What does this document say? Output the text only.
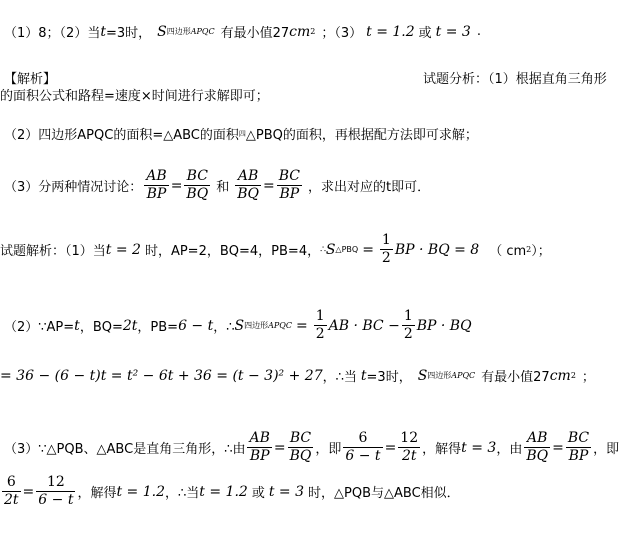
（1）8；（2）当 t =3时， S 四边形 APQC 有最小值27 cm 2 ；（3） t = 1.2 或 t = 3 .
【解析】	试题分析：（1）根据直角三角形
的面积公式和路程=速度×时间进行求解即可；
（2）四边形APQC的面积=△ABC的面积 四 △PBQ的面积，再根据配方法即可求解；
（3）分两种情况讨论： $\frac{AB}{BP} = \frac{BC}{BQ}$ 和 $\frac{AB}{BQ} = \frac{BC}{BP}$ ，求出对应的t即可．
试题解析：（1）当 t = 2 时，AP=2，BQ=4，PB=4， ∴ S △PBQ = $\frac{1}{2}$ BP · BQ = 8 （ cm 2 ）；
（2）∵AP= t ，BQ= 2t ，PB= 6 − t ，∴ S 四边形 APQC = $\frac{1}{2}$ AB · BC − $\frac{1}{2}$ BP · BQ
= 36 − (6 − t)t = t² − 6t + 36 = (t − 3)² + 27 ，∴当 t =3时， S 四边形 APQC 有最小值27 cm 2 ；
（3）∵△PQB、△ABC是直角三角形，∴由 $\frac{AB}{BP} = \frac{BC}{BQ}$ ，即 $\frac{6}{6 - t} = \frac{12}{2t}$ ，解得 t = 3 ，由 $\frac{AB}{BQ} = \frac{BC}{BP}$ ，即
$\frac{6}{2t} = \frac{12}{6 - t}$ ，解得 t = 1.2 ，∴当 t = 1.2 或 t = 3 时，△PQB与△ABC相似．
